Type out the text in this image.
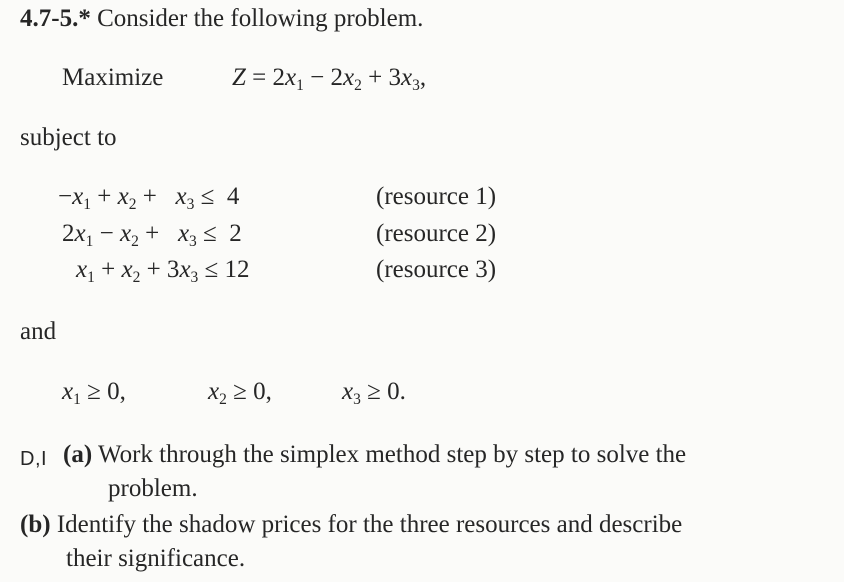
4.7-5.* Consider the following problem.
Maximize	$Z = 2x_1 - 2x_2 + 3x_3$,
subject to
$-x_1 + x_2 + x_3 \le 4$	(resource 1)
$2x_1 - x_2 + x_3 \le 2$	(resource 2)
$x_1 + x_2 + 3x_3 \le 12$	(resource 3)
and
$x_1 \ge 0$,	$x_2 \ge 0$,	$x_3 \ge 0$.
D,I (a) Work through the simplex method step by step to solve the
problem.
(b) Identify the shadow prices for the three resources and describe
their significance.
